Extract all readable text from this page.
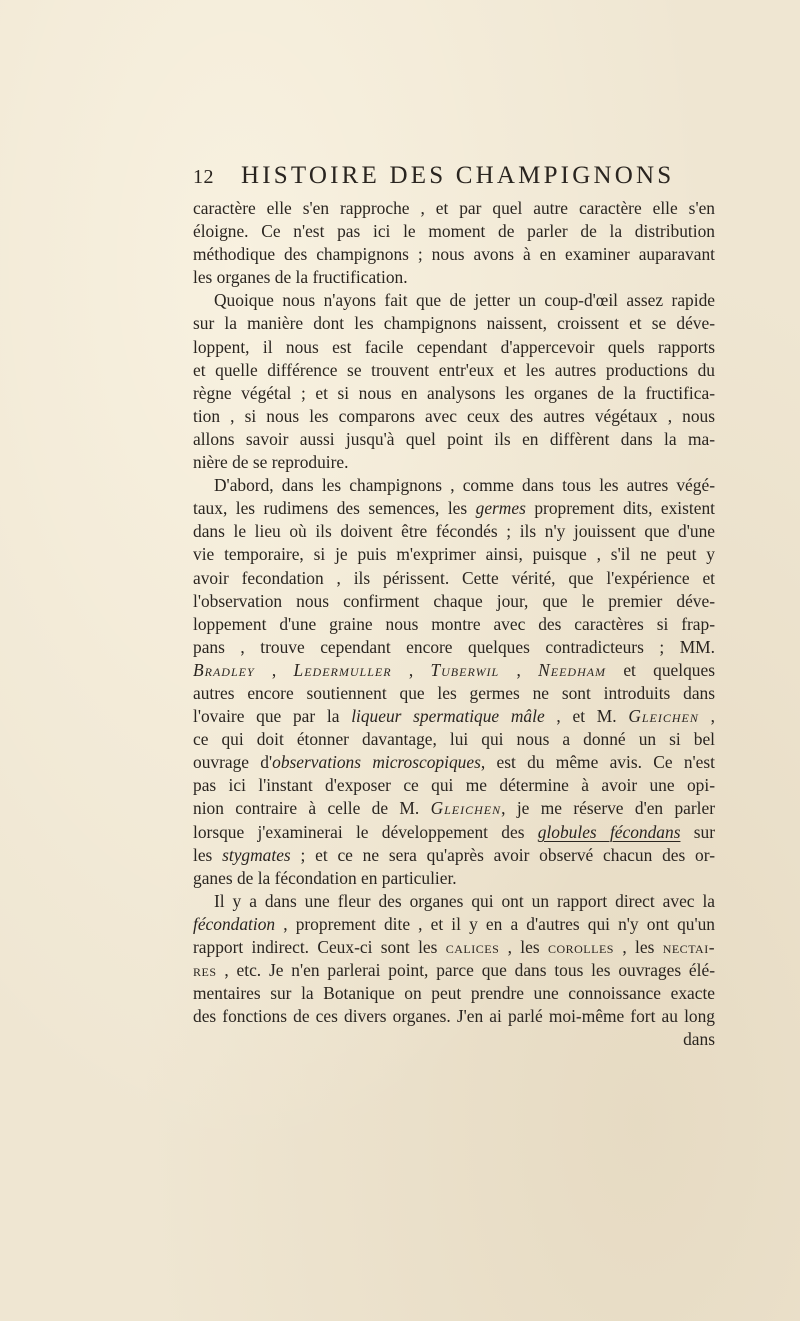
12	HISTOIRE DES CHAMPIGNONS
caractère elle s'en rapproche , et par quel autre caractère elle s'en
éloigne. Ce n'est pas ici le moment de parler de la distribution
méthodique des champignons ; nous avons à en examiner auparavant
les organes de la fructification.
Quoique nous n'ayons fait que de jetter un coup-d'œil assez rapide
sur la manière dont les champignons naissent, croissent et se déve-
loppent, il nous est facile cependant d'appercevoir quels rapports
et quelle différence se trouvent entr'eux et les autres productions du
règne végétal ; et si nous en analysons les organes de la fructifica-
tion , si nous les comparons avec ceux des autres végétaux , nous
allons savoir aussi jusqu'à quel point ils en diffèrent dans la ma-
nière de se reproduire.
D'abord, dans les champignons , comme dans tous les autres végé-
taux, les rudimens des semences, les germes proprement dits, existent
dans le lieu où ils doivent être fécondés ; ils n'y jouissent que d'une
vie temporaire, si je puis m'exprimer ainsi, puisque , s'il ne peut y
avoir fecondation , ils périssent. Cette vérité, que l'expérience et
l'observation nous confirment chaque jour, que le premier déve-
loppement d'une graine nous montre avec des caractères si frap-
pans , trouve cependant encore quelques contradicteurs ; MM.
Bradley , Ledermuller , Tuberwil , Needham et quelques
autres encore soutiennent que les germes ne sont introduits dans
l'ovaire que par la liqueur spermatique mâle , et M. Gleichen ,
ce qui doit étonner davantage, lui qui nous a donné un si bel
ouvrage d'observations microscopiques, est du même avis. Ce n'est
pas ici l'instant d'exposer ce qui me détermine à avoir une opi-
nion contraire à celle de M. Gleichen, je me réserve d'en parler
lorsque j'examinerai le développement des globules fécondans sur
les stygmates ; et ce ne sera qu'après avoir observé chacun des or-
ganes de la fécondation en particulier.
Il y a dans une fleur des organes qui ont un rapport direct avec la
fécondation , proprement dite , et il y en a d'autres qui n'y ont qu'un
rapport indirect. Ceux-ci sont les calices , les corolles , les nectai-
res , etc. Je n'en parlerai point, parce que dans tous les ouvrages élé-
mentaires sur la Botanique on peut prendre une connoissance exacte
des fonctions de ces divers organes. J'en ai parlé moi-même fort au long
dans
